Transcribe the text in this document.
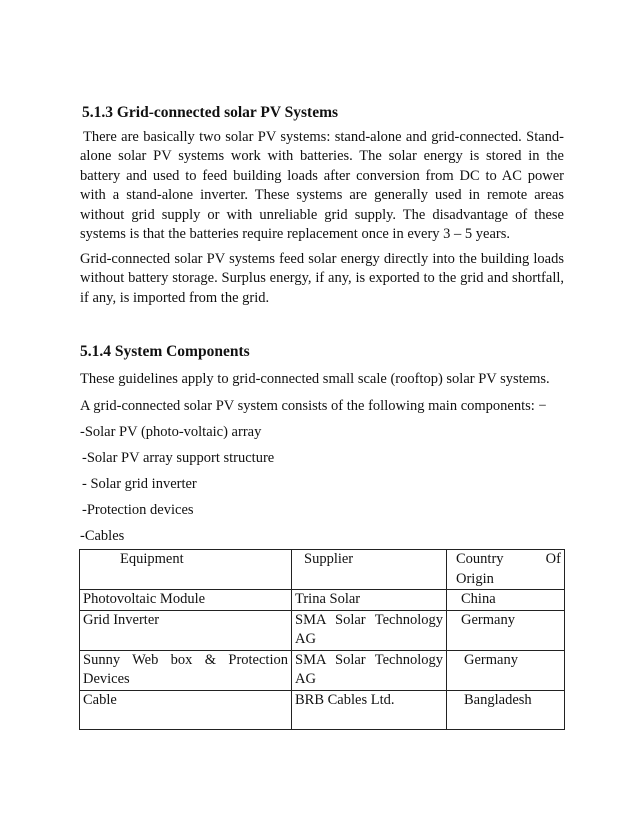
5.1.3 Grid-connected solar PV Systems

There are basically two solar PV systems: stand-alone and grid-connected. Stand-alone solar PV systems work with batteries. The solar energy is stored in the battery and used to feed building loads after conversion from DC to AC power with a stand-alone inverter. These systems are generally used in remote areas without grid supply or with unreliable grid supply. The disadvantage of these systems is that the batteries require replacement once in every 3 – 5 years.

Grid-connected solar PV systems feed solar energy directly into the building loads without battery storage. Surplus energy, if any, is exported to the grid and shortfall, if any, is imported from the grid.

5.1.4 System Components
These guidelines apply to grid-connected small scale (rooftop) solar PV systems.
A grid-connected solar PV system consists of the following main components: −
-Solar PV (photo-voltaic) array
-Solar PV array support structure
- Solar grid inverter
-Protection devices
-Cables
Equipment	Supplier	Country Of Origin
Photovoltaic Module	Trina Solar	China
Grid Inverter	SMA Solar Technology AG	Germany
Sunny Web box & Protection Devices	SMA Solar Technology AG	Germany
Cable	BRB Cables Ltd.	Bangladesh
